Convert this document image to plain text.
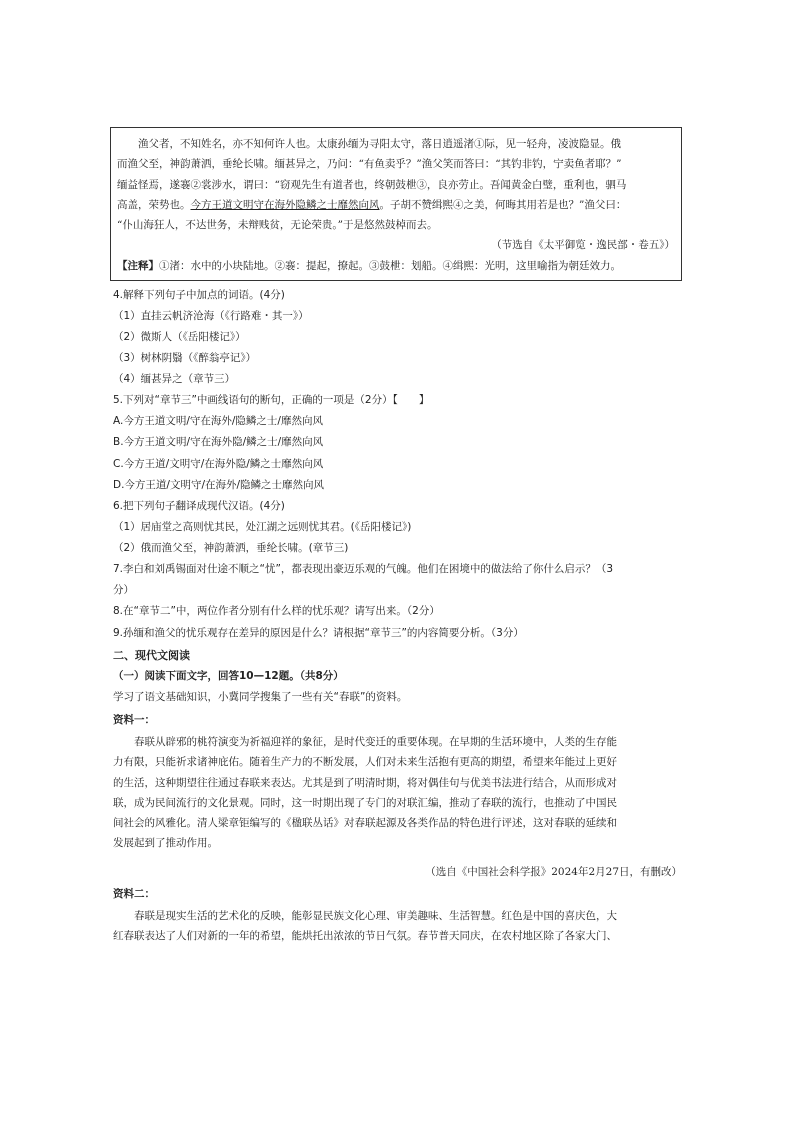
渔父者，不知姓名，亦不知何许人也。太康孙缅为寻阳太守，落日逍遥渚①际，见一轻舟，凌波隐显。俄

而渔父至，神韵萧洒，垂纶长啸。缅甚异之，乃问：“有鱼卖乎？”渔父笑而答曰：“其钓非钓，宁卖鱼者耶？”

缅益怪焉，遂褰②裳涉水，谓曰：“窃观先生有道者也，终朝鼓枻③，良亦劳止。吾闻黄金白璧，重利也，驷马

高盖，荣势也。今方王道文明守在海外隐鳞之士靡然向风。子胡不赞缉熙④之美，何晦其用若是也？”渔父曰：

“仆山海狂人，不达世务，未辩贱贫，无论荣贵。”于是悠然鼓棹而去。

（节选自《太平御览・逸民部・卷五》）

【注释】①渚：水中的小块陆地。②褰：提起，撩起。③鼓枻：划船。④缉熙：光明，这里喻指为朝廷效力。

4.解释下列句子中加点的词语。(4分)
（1）直挂云帆济沧海（《行路难・其一》）
（2）微斯人（《岳阳楼记》）
（3）树林阴翳（《醉翁亭记》）
（4）缅甚异之（章节三）
5.下列对“章节三”中画线语句的断句，正确的一项是（2分）【　　】
A.今方王道文明/守在海外/隐鳞之士/靡然向风
B.今方王道文明/守在海外隐/鳞之士/靡然向风
C.今方王道/文明守/在海外隐/鳞之士靡然向风
D.今方王道/文明守/在海外/隐鳞之士靡然向风
6.把下列句子翻译成现代汉语。(4分)
（1）居庙堂之高则忧其民，处江湖之远则忧其君。(《岳阳楼记》)
（2）俄而渔父至，神韵萧洒，垂纶长啸。(章节三)
7.李白和刘禹锡面对仕途不顺之“忧”，都表现出豪迈乐观的气魄。他们在困境中的做法给了你什么启示？（3
分）
8.在“章节二”中，两位作者分别有什么样的忧乐观？请写出来。（2分）
9.孙缅和渔父的忧乐观存在差异的原因是什么？请根据“章节三”的内容简要分析。（3分）
二、现代文阅读
（一）阅读下面文字，回答10—12题。（共8分）
学习了语文基础知识，小冀同学搜集了一些有关“春联”的资料。
资料一：
春联从辟邪的桃符演变为祈福迎祥的象征，是时代变迁的重要体现。在早期的生活环境中，人类的生存能
力有限，只能祈求诸神庇佑。随着生产力的不断发展，人们对未来生活抱有更高的期望，希望来年能过上更好
的生活，这种期望往往通过春联来表达。尤其是到了明清时期，将对偶佳句与优美书法进行结合，从而形成对
联，成为民间流行的文化景观。同时，这一时期出现了专门的对联汇编，推动了春联的流行，也推动了中国民
间社会的风雅化。清人梁章钜编写的《楹联丛话》对春联起源及各类作品的特色进行评述，这对春联的延续和
发展起到了推动作用。
（选自《中国社会科学报》2024年2月27日，有删改）
资料二：
春联是现实生活的艺术化的反映，能彰显民族文化心理、审美趣味、生活智慧。红色是中国的喜庆色，大
红春联表达了人们对新的一年的希望，能烘托出浓浓的节日气氛。春节普天同庆，在农村地区除了各家大门、
